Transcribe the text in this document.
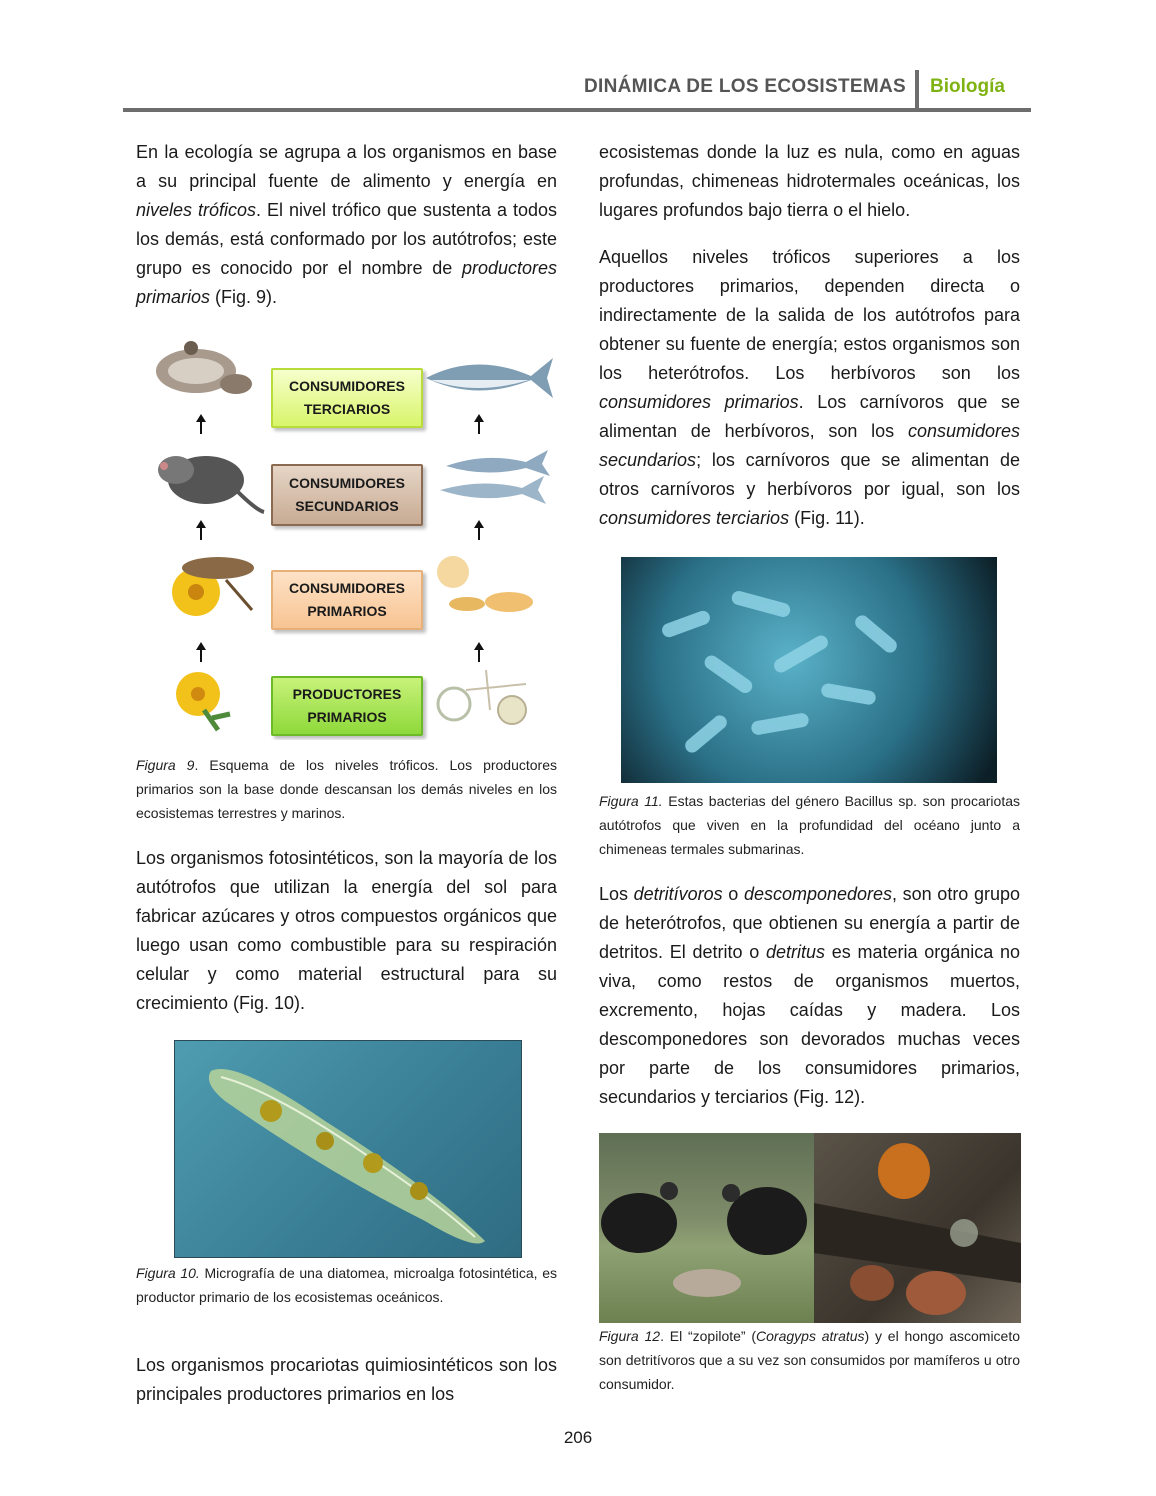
DINÁMICA DE LOS ECOSISTEMAS Biología

En la ecología se agrupa a los organismos en base a su principal fuente de alimento y energía en niveles tróficos. El nivel trófico que sustenta a todos los demás, está conformado por los autótrofos; este grupo es conocido por el nombre de productores primarios (Fig. 9).

CONSUMIDORES
TERCIARIOS
CONSUMIDORES
SECUNDARIOS
CONSUMIDORES
PRIMARIOS
PRODUCTORES
PRIMARIOS

Figura 9. Esquema de los niveles tróficos. Los productores primarios son la base donde descansan los demás niveles en los ecosistemas terrestres y marinos.

Los organismos fotosintéticos, son la mayoría de los autótrofos que utilizan la energía del sol para fabricar azúcares y otros compuestos orgánicos que luego usan como combustible para su respiración celular y como material estructural para su crecimiento (Fig. 10).

Figura 10. Micrografía de una diatomea, microalga fotosintética, es productor primario de los ecosistemas oceánicos.

Los organismos procariotas quimiosintéticos son los principales productores primarios en los

ecosistemas donde la luz es nula, como en aguas profundas, chimeneas hidrotermales oceánicas, los lugares profundos bajo tierra o el hielo.

Aquellos niveles tróficos superiores a los productores primarios, dependen directa o indirectamente de la salida de los autótrofos para obtener su fuente de energía; estos organismos son los heterótrofos. Los herbívoros son los consumidores primarios. Los carnívoros que se alimentan de herbívoros, son los consumidores secundarios; los carnívoros que se alimentan de otros carnívoros y herbívoros por igual, son los consumidores terciarios (Fig. 11).

Figura 11. Estas bacterias del género Bacillus sp. son procariotas autótrofos que viven en la profundidad del océano junto a chimeneas termales submarinas.

Los detritívoros o descomponedores, son otro grupo de heterótrofos, que obtienen su energía a partir de detritos. El detrito o detritus es materia orgánica no viva, como restos de organismos muertos, excremento, hojas caídas y madera. Los descomponedores son devorados muchas veces por parte de los consumidores primarios, secundarios y terciarios (Fig. 12).

Figura 12. El “zopilote” (Coragyps atratus) y el hongo ascomiceto son detritívoros que a su vez son consumidos por mamíferos u otro consumidor.

206
